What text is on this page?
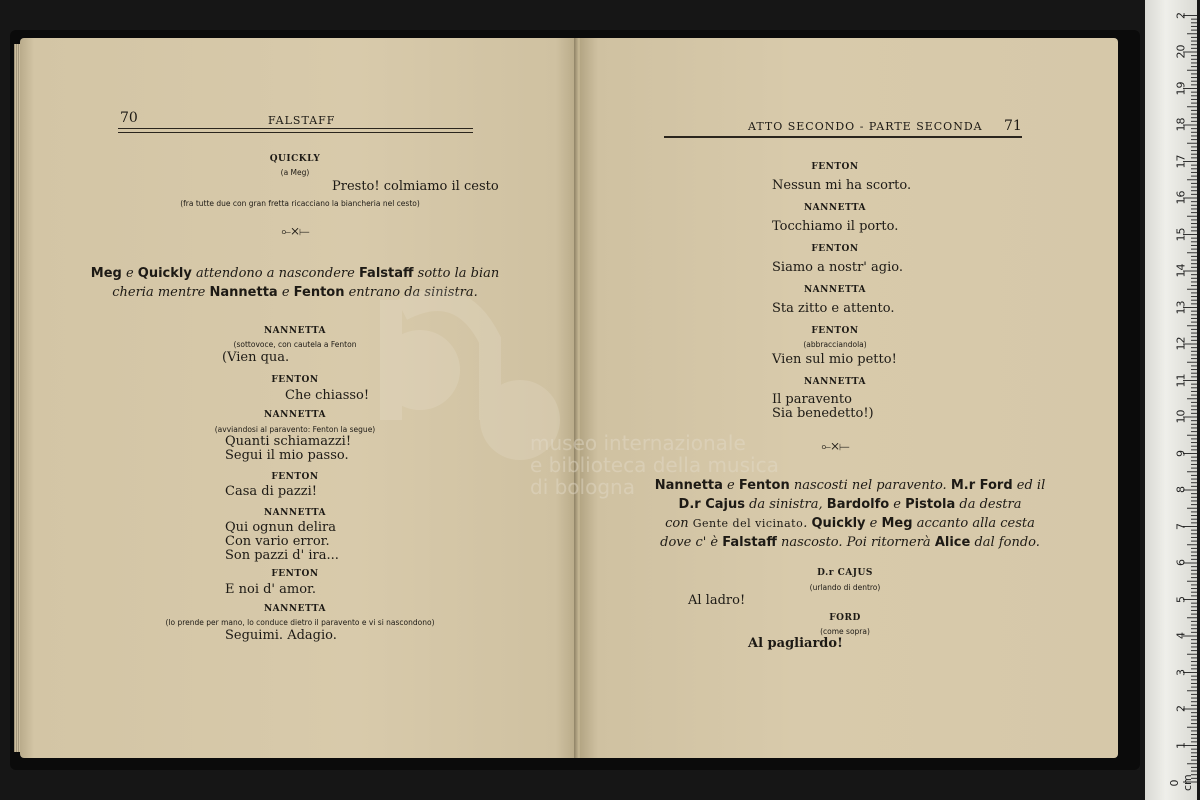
70	FALSTAFF
QUICKLY
(a Meg)
Presto! colmiamo il cesto
(fra tutte due con gran fretta ricacciano la biancheria nel cesto)
⟜⨯⟝
Meg e Quickly attendono a nascondere Falstaff sotto la bian
cheria mentre Nannetta e Fenton entrano da sinistra.
NANNETTA
(sottovoce, con cautela a Fenton
(Vien qua.
FENTON
Che chiasso!
NANNETTA
(avviandosi al paravento: Fenton la segue)
Quanti schiamazzi!
Segui il mio passo.
FENTON
Casa di pazzi!
NANNETTA
Qui ognun delira
Con vario error.
Son pazzi d' ira...
FENTON
E noi d' amor.
NANNETTA
(lo prende per mano, lo conduce dietro il paravento e vi si nascondono)
Seguimi. Adagio.
ATTO SECONDO - PARTE SECONDA 71
FENTON
Nessun mi ha scorto.
NANNETTA
Tocchiamo il porto.
FENTON
Siamo a nostr' agio.
NANNETTA
Sta zitto e attento.
FENTON
(abbracciandola)
Vien sul mio petto!
NANNETTA
Il paravento
Sia benedetto!)
⟜⨯⟝
Nannetta e Fenton nascosti nel paravento. M.r Ford ed il
D.r Cajus da sinistra, Bardolfo e Pistola da destra
con Gente del vicinato. Quickly e Meg accanto alla cesta
dove c' è Falstaff nascosto. Poi ritornerà Alice dal fondo.
D.r CAJUS
(urlando di dentro)
Al ladro!
FORD
(come sopra)
Al pagliardo!
museo internazionale
e biblioteca della musica
di bologna
0 cm
1
2
3
4
5
6
7
8
9
10
11
12
13
14
15
16
17
18
19
20
2
